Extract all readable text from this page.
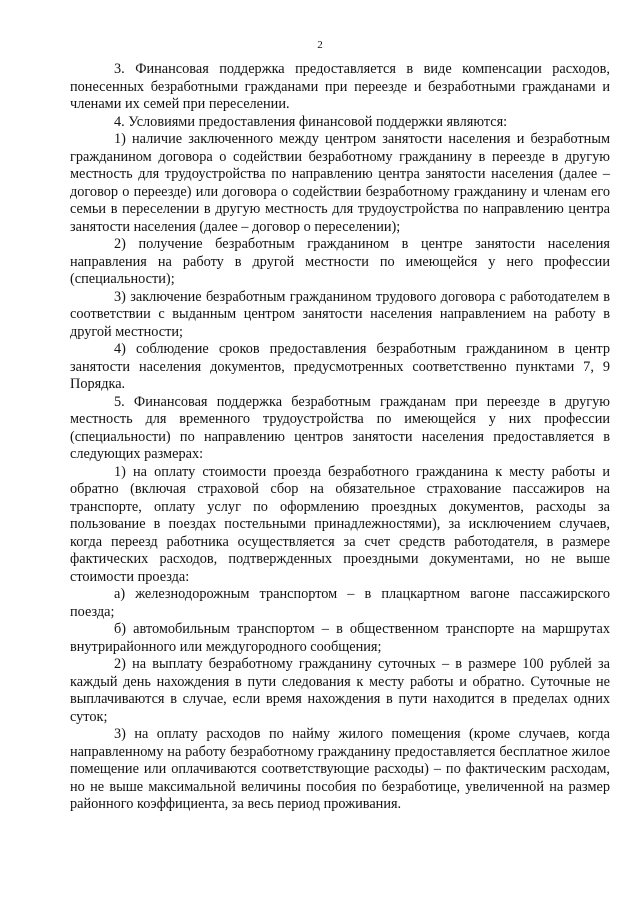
2

3. Финансовая поддержка предоставляется в виде компенсации расходов, понесенных безработными гражданами при переезде и безработными гражданами и членами их семей при переселении.

4. Условиями предоставления финансовой поддержки являются:

1) наличие заключенного между центром занятости населения и безработным гражданином договора о содействии безработному гражданину в переезде в другую местность для трудоустройства по направлению центра занятости населения (далее – договор о переезде) или договора о содействии безработному гражданину и членам его семьи в переселении в другую местность для трудоустройства по направлению центра занятости населения (далее – договор о переселении);

2) получение безработным гражданином в центре занятости населения направления на работу в другой местности по имеющейся у него профессии (специальности);

3) заключение безработным гражданином трудового договора с работодателем в соответствии с выданным центром занятости населения направлением на работу в другой местности;

4) соблюдение сроков предоставления безработным гражданином в центр занятости населения документов, предусмотренных соответственно пунктами 7, 9 Порядка.

5. Финансовая поддержка безработным гражданам при переезде в другую местность для временного трудоустройства по имеющейся у них профессии (специальности) по направлению центров занятости населения предоставляется в следующих размерах:

1) на оплату стоимости проезда безработного гражданина к месту работы и обратно (включая страховой сбор на обязательное страхование пассажиров на транспорте, оплату услуг по оформлению проездных документов, расходы за пользование в поездах постельными принадлежностями), за исключением случаев, когда переезд работника осуществляется за счет средств работодателя, в размере фактических расходов, подтвержденных проездными документами, но не выше стоимости проезда:

а) железнодорожным транспортом – в плацкартном вагоне пассажирского поезда;

б) автомобильным транспортом – в общественном транспорте на маршрутах внутрирайонного или междугородного сообщения;

2) на выплату безработному гражданину суточных – в размере 100 рублей за каждый день нахождения в пути следования к месту работы и обратно. Суточные не выплачиваются в случае, если время нахождения в пути находится в пределах одних суток;

3) на оплату расходов по найму жилого помещения (кроме случаев, когда направленному на работу безработному гражданину предоставляется бесплатное жилое помещение или оплачиваются соответствующие расходы) – по фактическим расходам, но не выше максимальной величины пособия по безработице, увеличенной на размер районного коэффициента, за весь период проживания.
